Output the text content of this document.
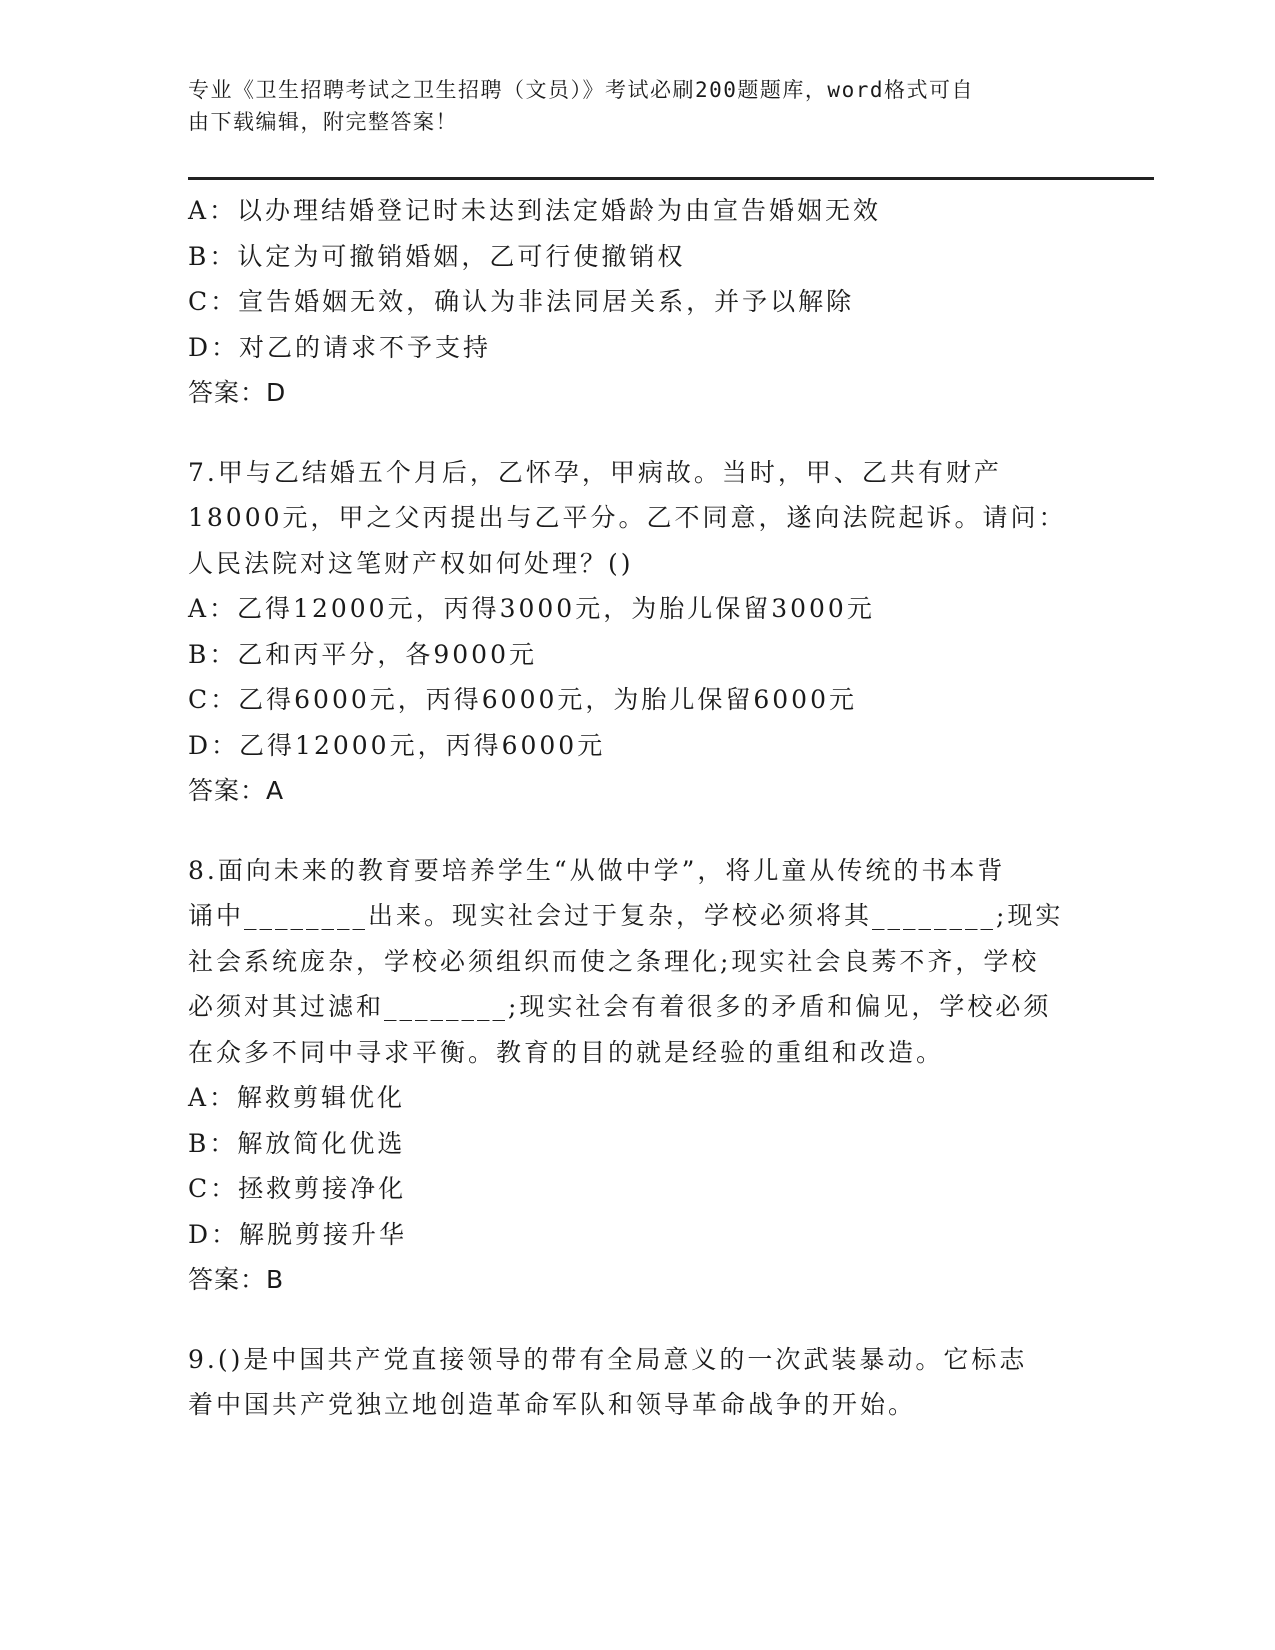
专业《卫生招聘考试之卫生招聘（文员）》考试必刷200题题库，word格式可自
由下载编辑，附完整答案！
A：以办理结婚登记时未达到法定婚龄为由宣告婚姻无效
B：认定为可撤销婚姻，乙可行使撤销权
C：宣告婚姻无效，确认为非法同居关系，并予以解除
D：对乙的请求不予支持
答案：D
7.甲与乙结婚五个月后，乙怀孕，甲病故。当时，甲、乙共有财产
18000元，甲之父丙提出与乙平分。乙不同意，遂向法院起诉。请问：
人民法院对这笔财产权如何处理？()
A：乙得12000元，丙得3000元，为胎儿保留3000元
B：乙和丙平分，各9000元
C：乙得6000元，丙得6000元，为胎儿保留6000元
D：乙得12000元，丙得6000元
答案：A
8.面向未来的教育要培养学生“从做中学”，将儿童从传统的书本背
诵中________出来。现实社会过于复杂，学校必须将其________;现实
社会系统庞杂，学校必须组织而使之条理化;现实社会良莠不齐，学校
必须对其过滤和________;现实社会有着很多的矛盾和偏见，学校必须
在众多不同中寻求平衡。教育的目的就是经验的重组和改造。
A：解救剪辑优化
B：解放简化优选
C：拯救剪接净化
D：解脱剪接升华
答案：B
9.()是中国共产党直接领导的带有全局意义的一次武装暴动。它标志
着中国共产党独立地创造革命军队和领导革命战争的开始。
